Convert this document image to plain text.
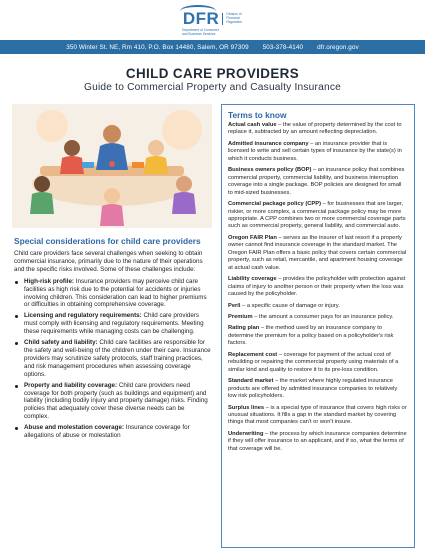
DFR	Division of
Financial
Regulation
Department of Consumer
and Business Services
350 Winter St. NE, Rm 410, P.O. Box 14480, Salem, OR 97309 503-378-4140 dfr.oregon.gov
CHILD CARE PROVIDERS
Guide to Commercial Property and Casualty Insurance
Special considerations for child care providers

Child care providers face several challenges when seeking to obtain commercial insurance, primarily due to the nature of their operations and the specific risks involved. Some of these challenges include:

High-risk profile: Insurance providers may perceive child care facilities as high risk due to the potential for accidents or injuries involving children. This consideration can lead to higher premiums or difficulties in obtaining comprehensive coverage.
Licensing and regulatory requirements: Child care providers must comply with licensing and regulatory requirements. Meeting these requirements while managing costs can be challenging.
Child safety and liability: Child care facilities are responsible for the safety and well-being of the children under their care. Insurance providers may scrutinize safety protocols, staff training practices, and risk management procedures when assessing coverage options.
Property and liability coverage: Child care providers need coverage for both property (such as buildings and equipment) and liability (including bodily injury and property damage) risks. Finding policies that adequately cover these diverse needs can be complex.
Abuse and molestation coverage: Insurance coverage for allegations of abuse or molestation
Terms to know
Actual cash value – the value of property determined by the cost to replace it, subtracted by an amount reflecting depreciation.
Admitted insurance company – an insurance provider that is licensed to write and sell certain types of insurance by the state(s) in which it conducts business.
Business owners policy (BOP) – an insurance policy that combines commercial property, commercial liability, and business interruption coverage into a single package. BOP policies are designed for small to mid-sized businesses.
Commercial package policy (CPP) – for businesses that are larger, riskier, or more complex, a commercial package policy may be more appropriate. A CPP combines two or more commercial coverage parts such as commercial property, general liability, and commercial auto.
Oregon FAIR Plan – serves as the insurer of last resort if a property owner cannot find insurance coverage in the standard market. The Oregon FAIR Plan offers a basic policy that covers certain commercial property, such as retail, mercantile, and apartment housing coverage at actual cash value.
Liability coverage – provides the policyholder with protection against claims of injury to another person or their property when the loss was caused by the policyholder.
Peril – a specific cause of damage or injury.
Premium – the amount a consumer pays for an insurance policy.
Rating plan – the method used by an insurance company to determine the premium for a policy based on a policyholder's risk factors.
Replacement cost – coverage for payment of the actual cost of rebuilding or repairing the commercial property using materials of a similar kind and quality to restore it to its pre-loss condition.
Standard market – the market where highly regulated insurance products are offered by admitted insurance companies to relatively low risk policyholders.
Surplus lines – is a special type of insurance that covers high risks or unusual situations. It fills a gap in the standard market by covering things that most companies can't or won't insure.
Underwriting – the process by which insurance companies determine if they will offer insurance to an applicant, and if so, what the terms of that coverage will be.
